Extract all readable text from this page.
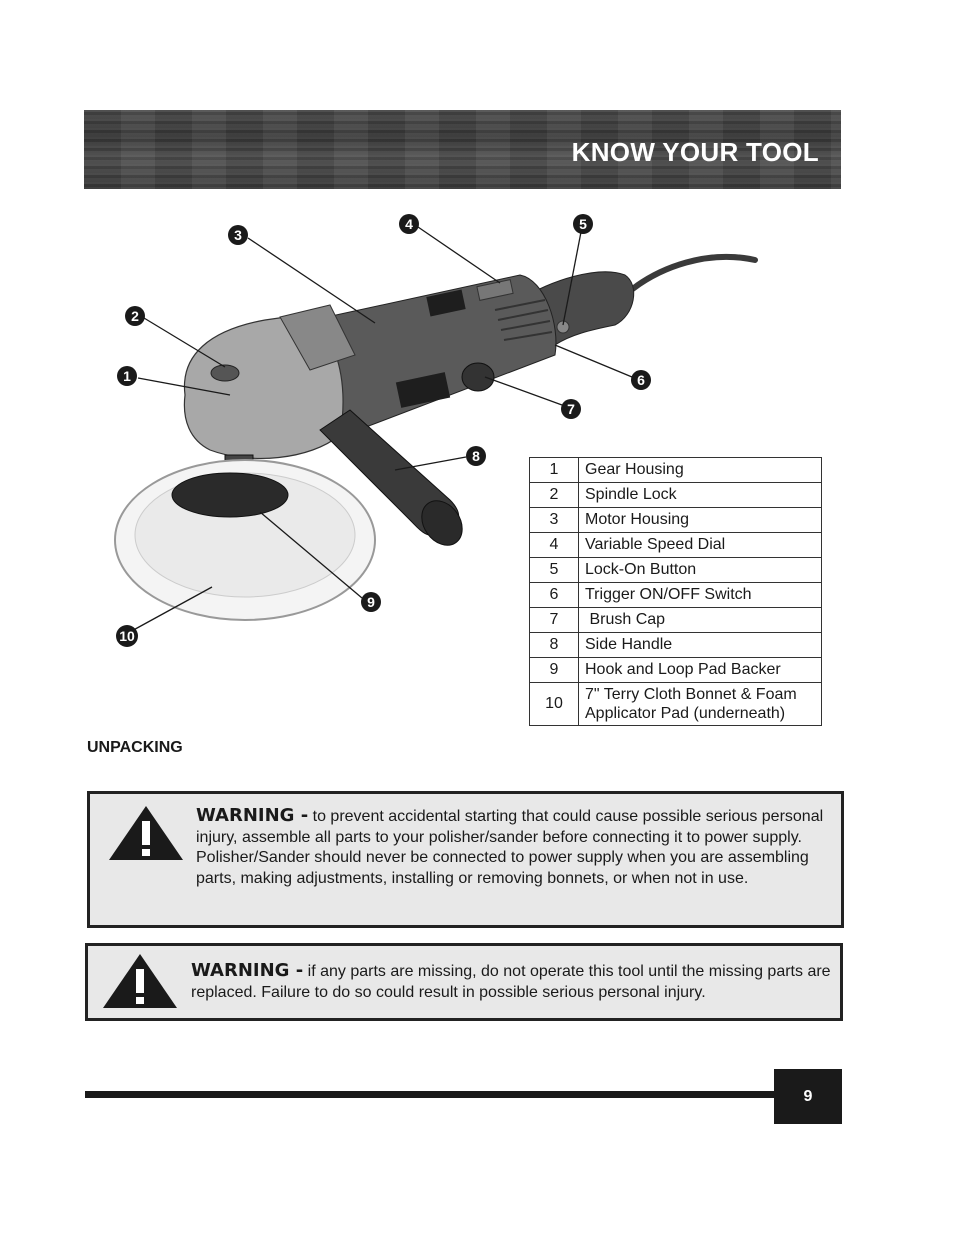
KNOW YOUR TOOL
1
2
3
4	5
6
7
8
9
10
1	Gear Housing
2	Spindle Lock
3	Motor Housing
4	Variable Speed Dial
5	Lock-On Button
6	Trigger ON/OFF Switch
7	Brush Cap
8	Side Handle
9	Hook and Loop Pad Backer
10	7" Terry Cloth Bonnet & Foam Applicator Pad (underneath)
UNPACKING

WARNING - to prevent accidental starting that could cause possible serious personal injury, assemble all parts to your polisher/sander before connecting it to power supply. Polisher/Sander should never be connected to power supply when you are assembling parts, making adjustments, installing or removing bonnets, or when not in use.

WARNING - if any parts are missing, do not operate this tool until the missing parts are replaced. Failure to do so could result in possible serious personal injury.

9
